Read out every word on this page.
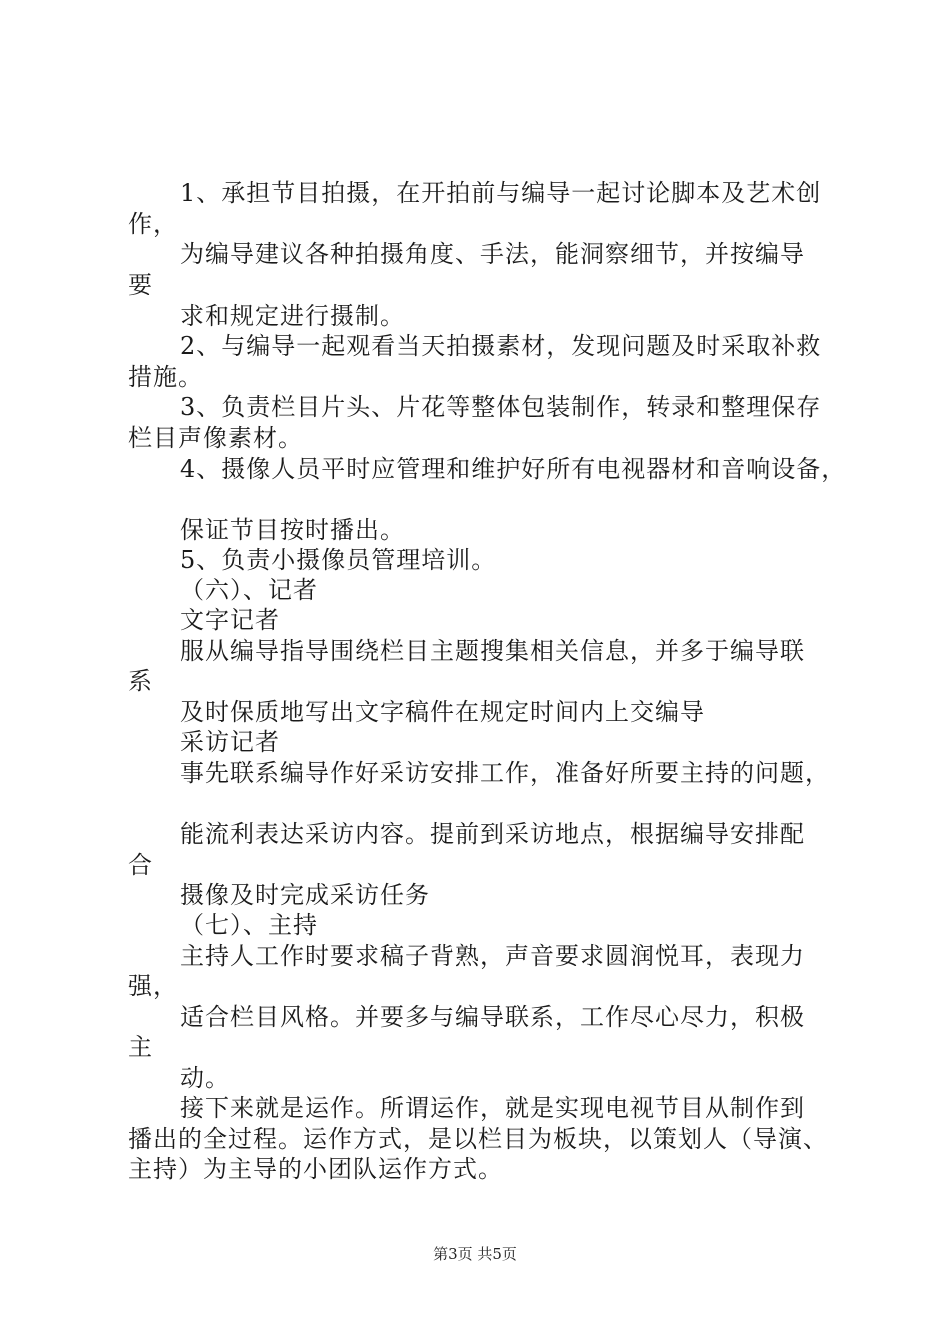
1、承担节目拍摄，在开拍前与编导一起讨论脚本及艺术创
作，
为编导建议各种拍摄角度、手法，能洞察细节，并按编导
要
求和规定进行摄制。
2、与编导一起观看当天拍摄素材，发现问题及时采取补救
措施。
3、负责栏目片头、片花等整体包装制作，转录和整理保存
栏目声像素材。
4、摄像人员平时应管理和维护好所有电视器材和音响设备，
保证节目按时播出。
5、负责小摄像员管理培训。
（六）、记者
文字记者
服从编导指导围绕栏目主题搜集相关信息，并多于编导联
系
及时保质地写出文字稿件在规定时间内上交编导
采访记者
事先联系编导作好采访安排工作，准备好所要主持的问题，
能流利表达采访内容。提前到采访地点，根据编导安排配
合
摄像及时完成采访任务
（七）、主持
主持人工作时要求稿子背熟，声音要求圆润悦耳，表现力
强，
适合栏目风格。并要多与编导联系，工作尽心尽力，积极
主
动。
接下来就是运作。所谓运作，就是实现电视节目从制作到
播出的全过程。运作方式，是以栏目为板块，以策划人（导演、
主持）为主导的小团队运作方式。
第3页 共5页
